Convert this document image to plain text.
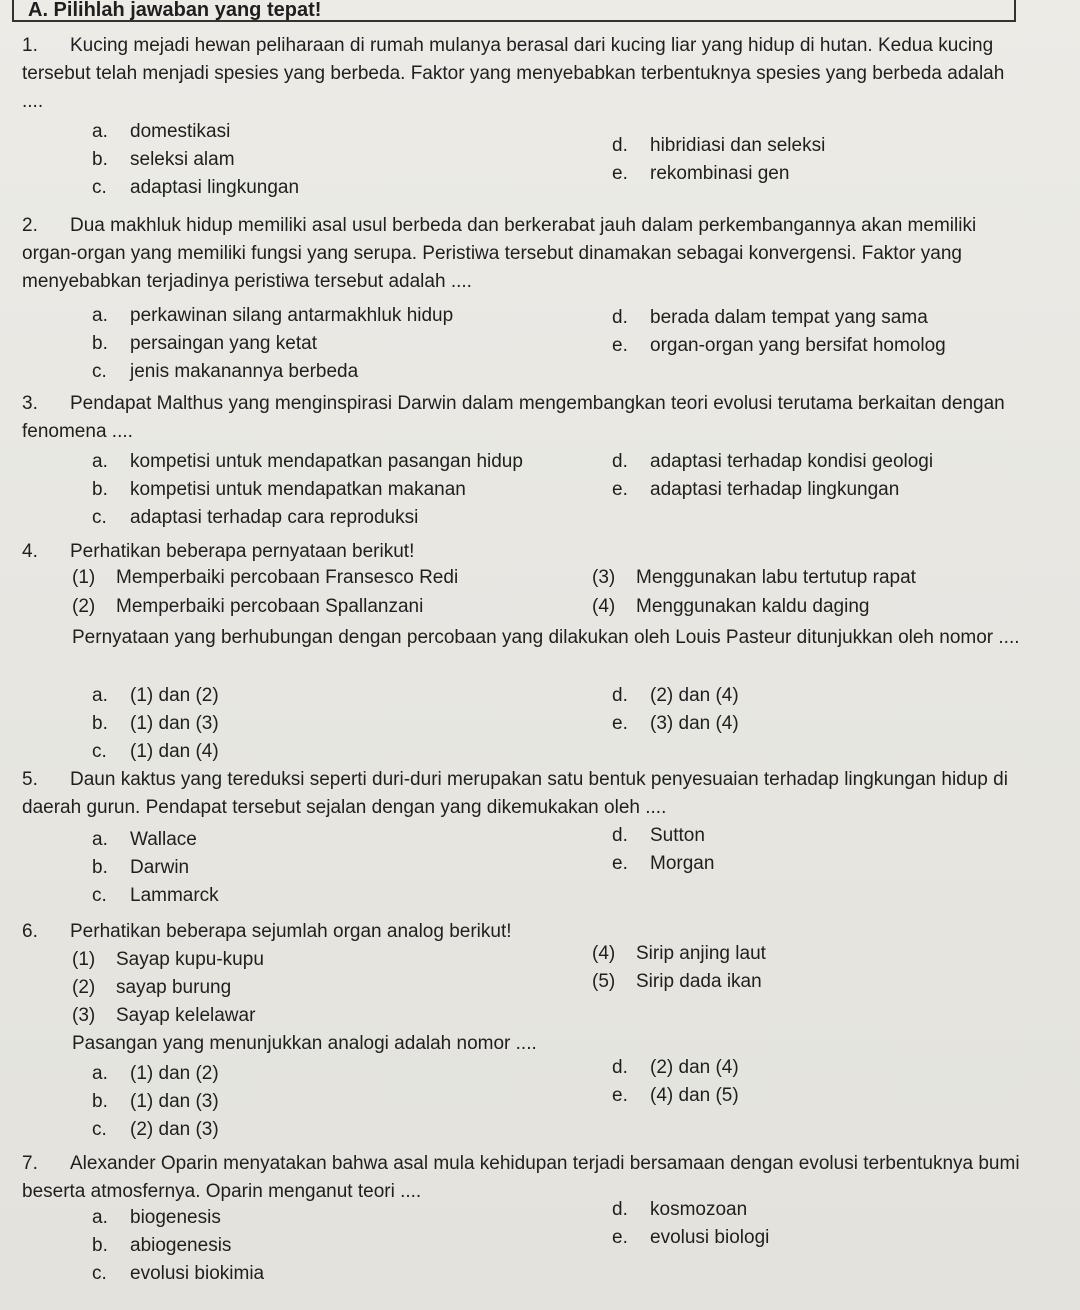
A. Pilihlah jawaban yang tepat!
1. Kucing mejadi hewan peliharaan di rumah mulanya berasal dari kucing liar yang hidup di hutan. Kedua kucing tersebut telah menjadi spesies yang berbeda. Faktor yang menyebabkan terbentuknya spesies yang berbeda adalah ....
a. domestikasi
b. seleksi alam
c. adaptasi lingkungan
d. hibridiasi dan seleksi
e. rekombinasi gen
2. Dua makhluk hidup memiliki asal usul berbeda dan berkerabat jauh dalam perkembangannya akan memiliki organ-organ yang memiliki fungsi yang serupa. Peristiwa tersebut dinamakan sebagai konvergensi. Faktor yang menyebabkan terjadinya peristiwa tersebut adalah ....
a. perkawinan silang antarmakhluk hidup
b. persaingan yang ketat
c. jenis makanannya berbeda
d. berada dalam tempat yang sama
e. organ-organ yang bersifat homolog
3. Pendapat Malthus yang menginspirasi Darwin dalam mengembangkan teori evolusi terutama berkaitan dengan fenomena ....
a. kompetisi untuk mendapatkan pasangan hidup
b. kompetisi untuk mendapatkan makanan
c. adaptasi terhadap cara reproduksi
d. adaptasi terhadap kondisi geologi
e. adaptasi terhadap lingkungan
4. Perhatikan beberapa pernyataan berikut!
(1) Memperbaiki percobaan Fransesco Redi
(2) Memperbaiki percobaan Spallanzani
(3) Menggunakan labu tertutup rapat
(4) Menggunakan kaldu daging
Pernyataan yang berhubungan dengan percobaan yang dilakukan oleh Louis Pasteur ditunjukkan oleh nomor ....
a. (1) dan (2)
b. (1) dan (3)
c. (1) dan (4)
d. (2) dan (4)
e. (3) dan (4)
5. Daun kaktus yang tereduksi seperti duri-duri merupakan satu bentuk penyesuaian terhadap lingkungan hidup di daerah gurun. Pendapat tersebut sejalan dengan yang dikemukakan oleh ....
a. Wallace
b. Darwin
c. Lammarck
d. Sutton
e. Morgan
6. Perhatikan beberapa sejumlah organ analog berikut!
(1) Sayap kupu-kupu
(2) sayap burung
(3) Sayap kelelawar
(4) Sirip anjing laut
(5) Sirip dada ikan
Pasangan yang menunjukkan analogi adalah nomor ....
a. (1) dan (2)
b. (1) dan (3)
c. (2) dan (3)
d. (2) dan (4)
e. (4) dan (5)
7. Alexander Oparin menyatakan bahwa asal mula kehidupan terjadi bersamaan dengan evolusi terbentuknya bumi beserta atmosfernya. Oparin menganut teori ....
a. biogenesis
b. abiogenesis
c. evolusi biokimia
d. kosmozoan
e. evolusi biologi
